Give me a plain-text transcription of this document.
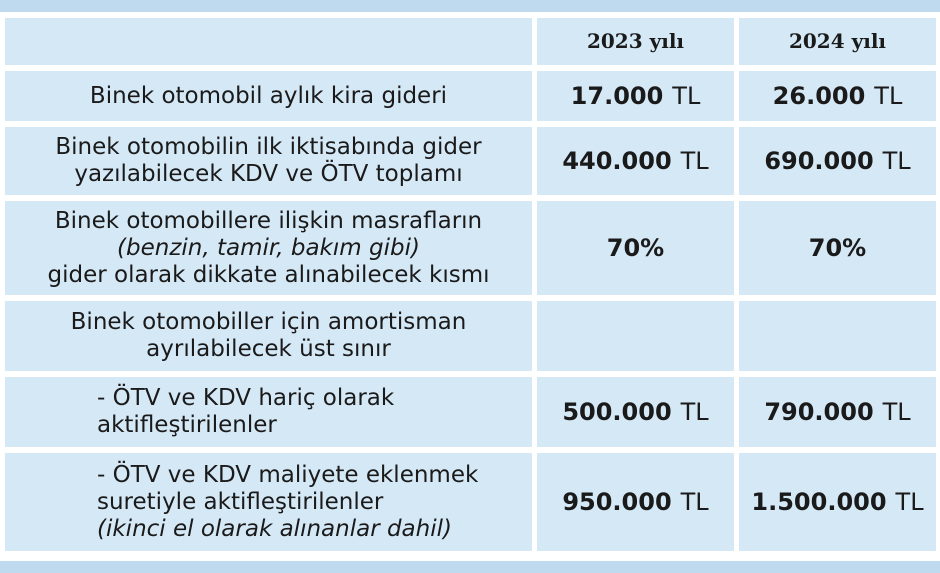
2023 yılı	2024 yılı
Binek otomobil aylık kira gideri	17.000 TL	26.000 TL
Binek otomobilin ilk iktisabında gider
yazılabilecek KDV ve ÖTV toplamı	440.000 TL 690.000 TL
Binek otomobillere ilişkin masrafların
(benzin, tamir, bakım gibi)
gider olarak dikkate alınabilecek kısmı
70%	70%
Binek otomobiller için amortisman
ayrılabilecek üst sınır
- ÖTV ve KDV hariç olarak
aktifleştirilenler	500.000 TL 790.000 TL
- ÖTV ve KDV maliyete eklenmek
suretiyle aktifleştirilenler
(ikinci el olarak alınanlar dahil)
950.000 TL 1.500.000 TL
